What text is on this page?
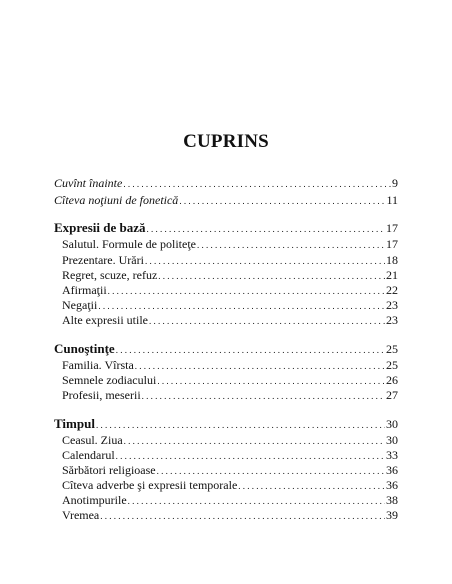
CUPRINS
Cuvînt înainte . . .	9
Cîteva noţiuni de fonetică . . .	11
Expresii de bază . . .	17
Salutul. Formule de politeţe . . .	17
Prezentare. Urări . . .	18
Regret, scuze, refuz . . .	21
Afirmaţii . . .	22
Negaţii . . .	23
Alte expresii utile . . .	23
Cunoştinţe . . .	25
Familia. Vîrsta . . .	25
Semnele zodiacului . . .	26
Profesii, meserii . . .	27
Timpul . . .	30
Ceasul. Ziua . . .	30
Calendarul . . .	33
Sărbători religioase . . .	36
Cîteva adverbe şi expresii temporale . . .	36
Anotimpurile . . .	38
Vremea . . .	39
